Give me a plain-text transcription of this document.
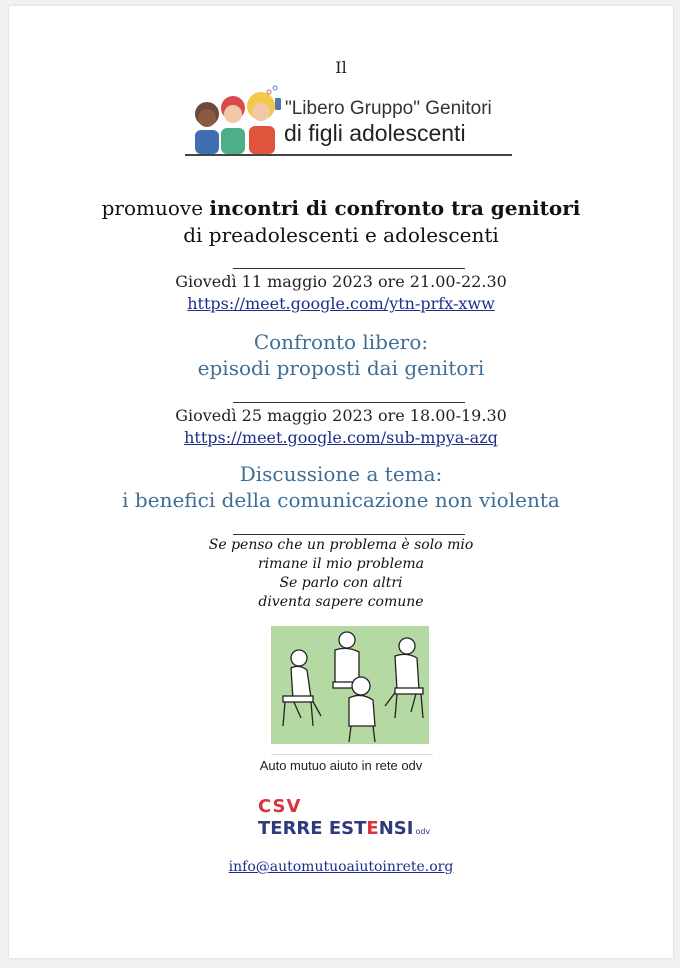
Il
"Libero Gruppo" Genitori
di figli adolescenti
promuove incontri di confronto tra genitori
di preadolescenti e adolescenti
Giovedì 11 maggio 2023 ore 21.00-22.30
https://meet.google.com/ytn-prfx-xww
Confronto libero:
episodi proposti dai genitori
Giovedì 25 maggio 2023 ore 18.00-19.30
https://meet.google.com/sub-mpya-azq
Discussione a tema:
i benefici della comunicazione non violenta
Se penso che un problema è solo mio
rimane il mio problema
Se parlo con altri
diventa sapere comune
Auto mutuo aiuto in rete odv
CSV
TERRE ESTENSI odv
info@automutuoaiutoinrete.org
